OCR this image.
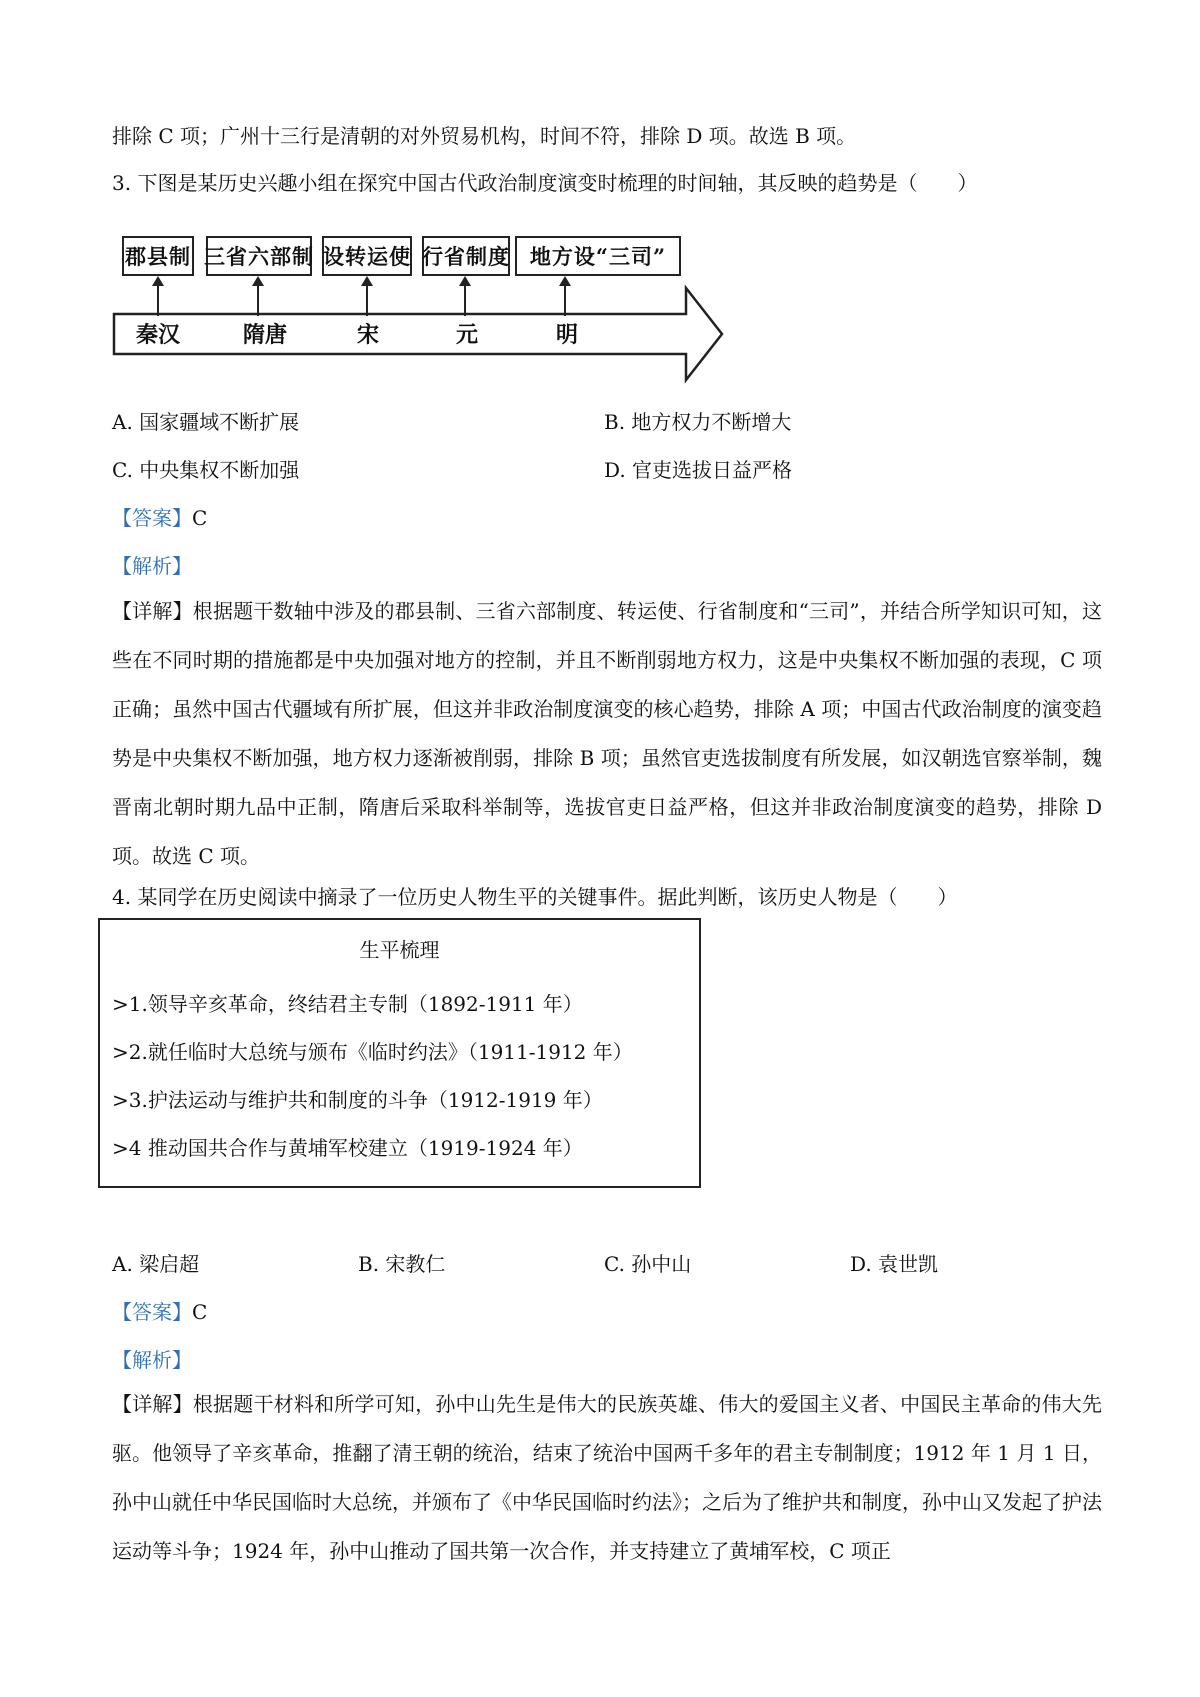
排除 C 项；广州十三行是清朝的对外贸易机构，时间不符，排除 D 项。故选 B 项。
3. 下图是某历史兴趣小组在探究中国古代政治制度演变时梳理的时间轴，其反映的趋势是（　　）
郡县制 三省六部制 设转运使 行省制度 地方设“三司”
秦汉	隋唐	宋	元	明
A. 国家疆域不断扩展	B. 地方权力不断增大
C. 中央集权不断加强	D. 官吏选拔日益严格
【答案】C
【解析】
【详解】根据题干数轴中涉及的郡县制、三省六部制度、转运使、行省制度和“三司”，并结合所学知识可知，这些在不同时期的措施都是中央加强对地方的控制，并且不断削弱地方权力，这是中央集权不断加强的表现，C 项正确；虽然中国古代疆域有所扩展，但这并非政治制度演变的核心趋势，排除 A 项；中国古代政治制度的演变趋势是中央集权不断加强，地方权力逐渐被削弱，排除 B 项；虽然官吏选拔制度有所发展，如汉朝选官察举制，魏晋南北朝时期九品中正制，隋唐后采取科举制等，选拔官吏日益严格，但这并非政治制度演变的趋势，排除 D 项。故选 C 项。
4. 某同学在历史阅读中摘录了一位历史人物生平的关键事件。据此判断，该历史人物是（　　）
生平梳理
>1.领导辛亥革命，终结君主专制（1892-1911 年）
>2.就任临时大总统与颁布《临时约法》（1911-1912 年）
>3.护法运动与维护共和制度的斗争（1912-1919 年）
>4 推动国共合作与黄埔军校建立（1919-1924 年）
A. 梁启超	B. 宋教仁	C. 孙中山	D. 袁世凯
【答案】C
【解析】
【详解】根据题干材料和所学可知，孙中山先生是伟大的民族英雄、伟大的爱国主义者、中国民主革命的伟大先驱。他领导了辛亥革命，推翻了清王朝的统治，结束了统治中国两千多年的君主专制制度；1912 年 1 月 1 日，孙中山就任中华民国临时大总统，并颁布了《中华民国临时约法》；之后为了维护共和制度，孙中山又发起了护法运动等斗争；1924 年，孙中山推动了国共第一次合作，并支持建立了黄埔军校，C 项正
